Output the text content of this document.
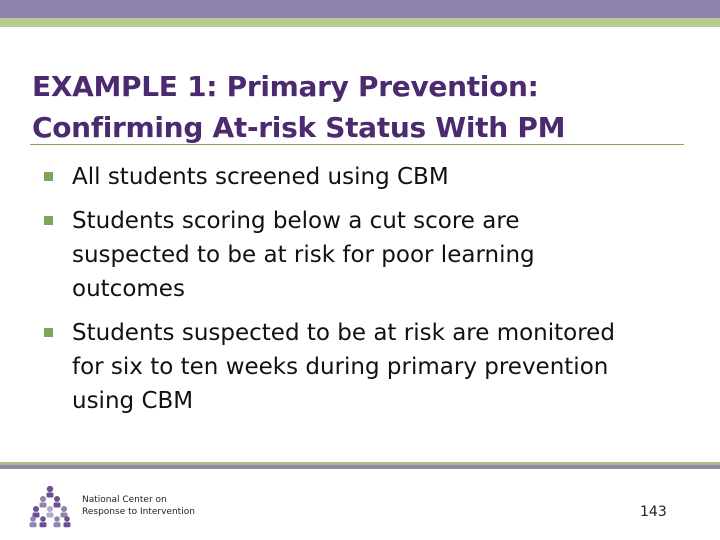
EXAMPLE 1: Primary Prevention:
Confirming At-risk Status With PM
All students screened using CBM
Students scoring below a cut score are suspected to be at risk for poor learning outcomes
Students suspected to be at risk are monitored for six to ten weeks during primary prevention using CBM
National Center on
Response to Intervention	143
